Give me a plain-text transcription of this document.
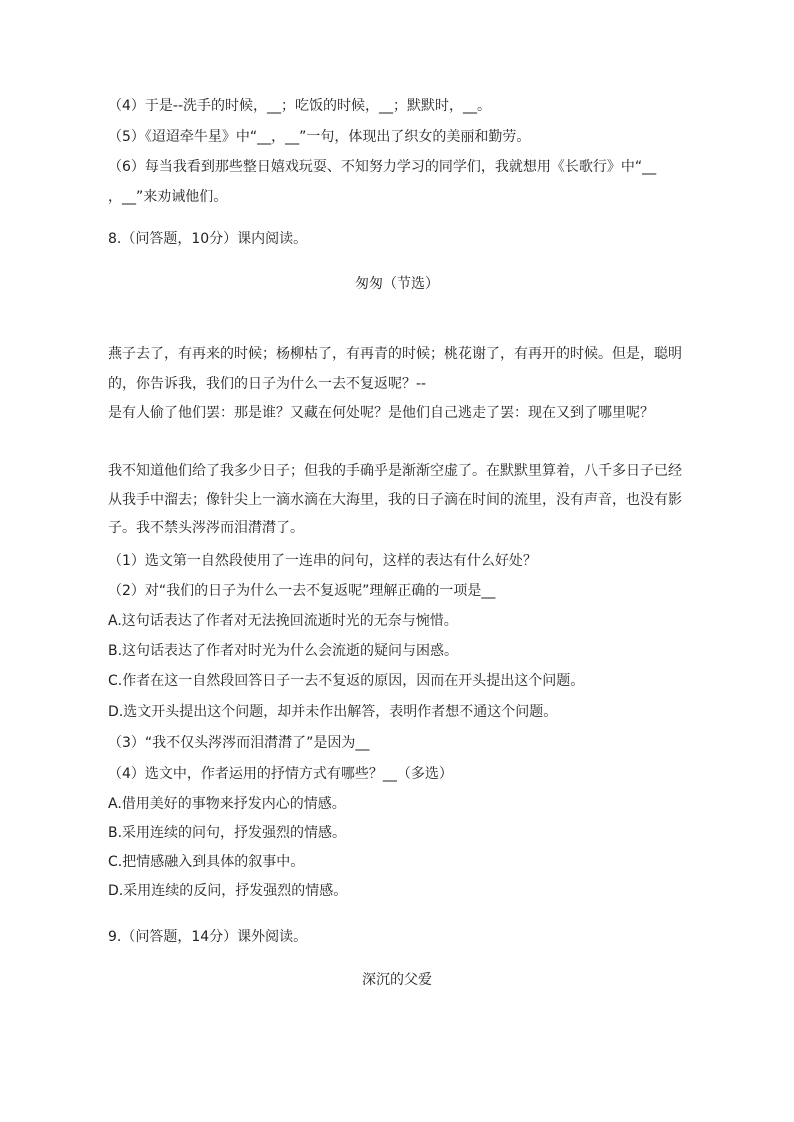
（4）于是--洗手的时候，__；吃饭的时候，__；默默时，__。
（5）《迢迢牵牛星》中“__，__”一句，体现出了织女的美丽和勤劳。
（6）每当我看到那些整日嬉戏玩耍、不知努力学习的同学们，我就想用《长歌行》中“__
，__”来劝诫他们。
8.（问答题，10分）课内阅读。
匆匆（节选）
燕子去了，有再来的时候；杨柳枯了，有再青的时候；桃花谢了，有再开的时候。但是，聪明
的，你告诉我，我们的日子为什么一去不复返呢？--
是有人偷了他们罢：那是谁？又藏在何处呢？是他们自己逃走了罢：现在又到了哪里呢？
我不知道他们给了我多少日子；但我的手确乎是渐渐空虚了。在默默里算着，八千多日子已经
从我手中溜去；像针尖上一滴水滴在大海里，我的日子滴在时间的流里，没有声音，也没有影
子。我不禁头涔涔而泪潸潸了。
（1）选文第一自然段使用了一连串的问句，这样的表达有什么好处？
（2）对“我们的日子为什么一去不复返呢”理解正确的一项是__
A.这句话表达了作者对无法挽回流逝时光的无奈与惋惜。
B.这句话表达了作者对时光为什么会流逝的疑问与困惑。
C.作者在这一自然段回答日子一去不复返的原因，因而在开头提出这个问题。
D.选文开头提出这个问题，却并未作出解答，表明作者想不通这个问题。
（3）“我不仅头涔涔而泪潸潸了”是因为__
（4）选文中，作者运用的抒情方式有哪些？__（多选）
A.借用美好的事物来抒发内心的情感。
B.采用连续的问句，抒发强烈的情感。
C.把情感融入到具体的叙事中。
D.采用连续的反问，抒发强烈的情感。
9.（问答题，14分）课外阅读。
深沉的父爱
